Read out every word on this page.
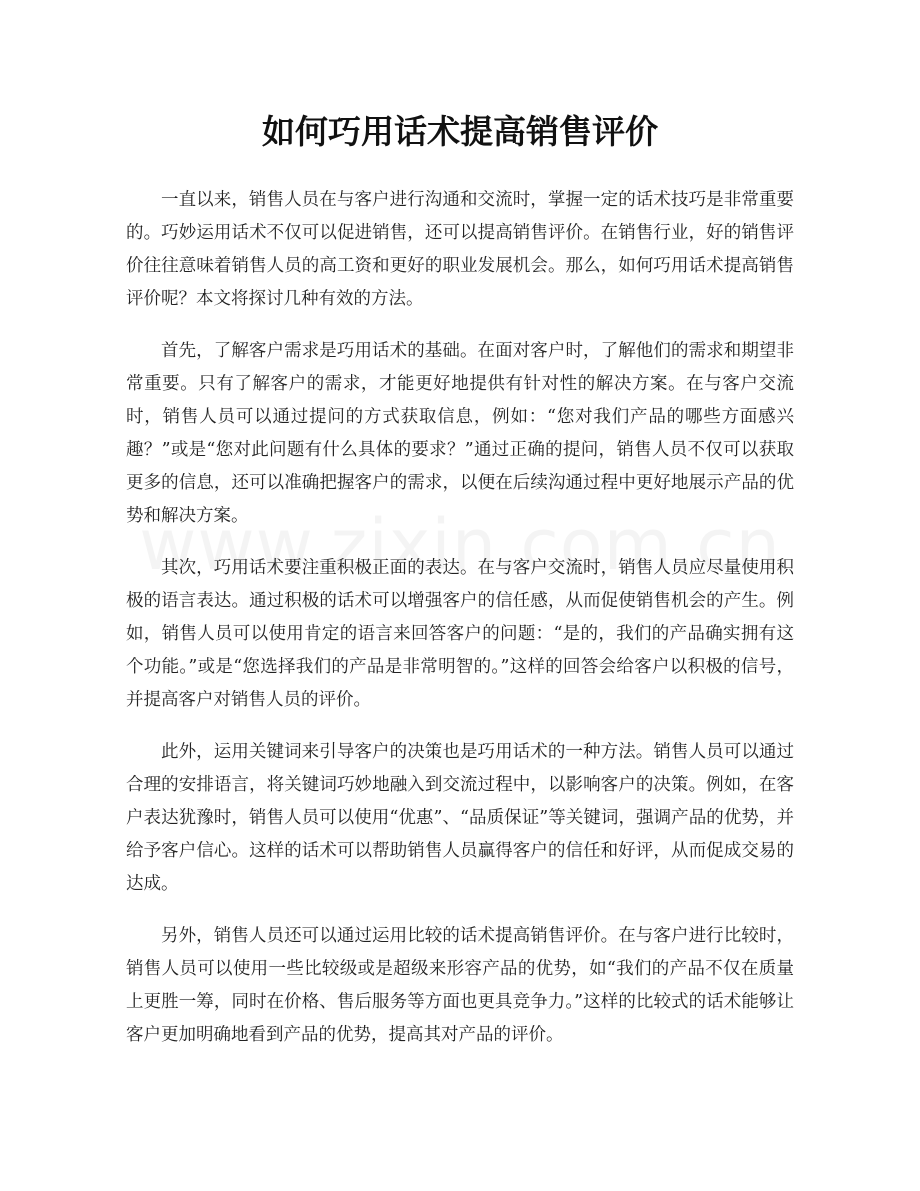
如何巧用话术提高销售评价

一直以来，销售人员在与客户进行沟通和交流时，掌握一定的话术技巧是非常重要的。巧妙运用话术不仅可以促进销售，还可以提高销售评价。在销售行业，好的销售评价往往意味着销售人员的高工资和更好的职业发展机会。那么，如何巧用话术提高销售评价呢？本文将探讨几种有效的方法。

首先，了解客户需求是巧用话术的基础。在面对客户时，了解他们的需求和期望非常重要。只有了解客户的需求，才能更好地提供有针对性的解决方案。在与客户交流时，销售人员可以通过提问的方式获取信息，例如：“您对我们产品的哪些方面感兴趣？”或是“您对此问题有什么具体的要求？”通过正确的提问，销售人员不仅可以获取更多的信息，还可以准确把握客户的需求，以便在后续沟通过程中更好地展示产品的优势和解决方案。

其次，巧用话术要注重积极正面的表达。在与客户交流时，销售人员应尽量使用积极的语言表达。通过积极的话术可以增强客户的信任感，从而促使销售机会的产生。例如，销售人员可以使用肯定的语言来回答客户的问题：“是的，我们的产品确实拥有这个功能。”或是“您选择我们的产品是非常明智的。”这样的回答会给客户以积极的信号，并提高客户对销售人员的评价。

此外，运用关键词来引导客户的决策也是巧用话术的一种方法。销售人员可以通过合理的安排语言，将关键词巧妙地融入到交流过程中，以影响客户的决策。例如，在客户表达犹豫时，销售人员可以使用“优惠”、“品质保证”等关键词，强调产品的优势，并给予客户信心。这样的话术可以帮助销售人员赢得客户的信任和好评，从而促成交易的达成。

另外，销售人员还可以通过运用比较的话术提高销售评价。在与客户进行比较时，销售人员可以使用一些比较级或是超级来形容产品的优势，如“我们的产品不仅在质量上更胜一筹，同时在价格、售后服务等方面也更具竞争力。”这样的比较式的话术能够让客户更加明确地看到产品的优势，提高其对产品的评价。
